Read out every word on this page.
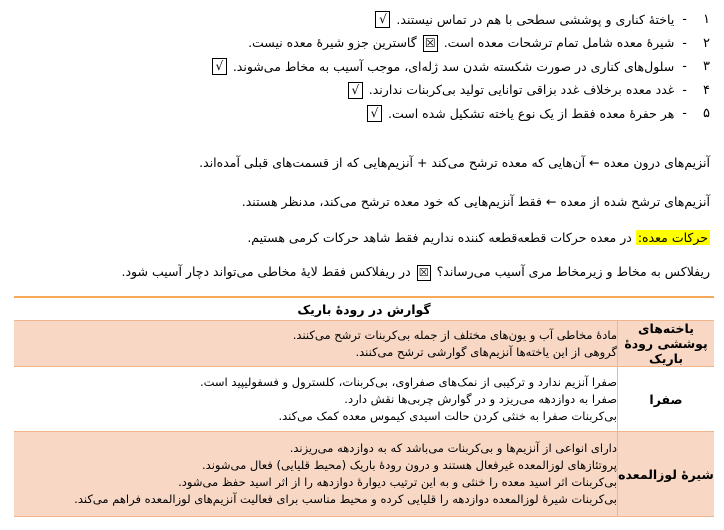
۱
-
یاختهٔ کناری و پوششی سطحی با هم در تماس نیستند.
√
۲
-
شیرهٔ معده شامل تمام ترشحات معده است.
☒
گاسترین جزو شیرهٔ معده نیست.
۳
-
سلول‌های کناری در صورت شکسته شدن سد ژله‌ای، موجب آسیب به مخاط می‌شوند.
√
۴
-
غدد معده برخلاف غدد بزاقی توانایی تولید بی‌کربنات ندارند.
√
۵
-
هر حفرهٔ معده فقط از یک نوع یاخته تشکیل شده است.
√
آنزیم‌های درون معده ← آن‌هایی که معده ترشح می‌کند + آنزیم‌هایی که از قسمت‌های قبلی آمده‌اند.
آنزیم‌های ترشح شده از معده ← فقط آنزیم‌هایی که خود معده ترشح می‌کند، مدنظر هستند.
حرکات معده: در معده حرکات قطعه‌قطعه کننده نداریم فقط شاهد حرکات کرمی هستیم.
ریفلاکس به مخاط و زیرمخاط مری آسیب می‌رساند؟ ☒ در ریفلاکس فقط لایهٔ مخاطی می‌تواند دچار آسیب شود.
گوارش در رودهٔ باریک	
یاخته‌های پوششی رودهٔ باریک	مادهٔ مخاطی آب و یون‌های مختلف از جمله بی‌کربنات ترشح می‌کنند.
گروهی از این یاخته‌ها آنزیم‌های گوارشی ترشح می‌کنند.

صفرا	صفرا آنزیم ندارد و ترکیبی از نمک‌های صفراوی، بی‌کربنات، کلسترول و فسفولیپید است.
صفرا به دوازدهه می‌ریزد و در گوارش چربی‌ها نقش دارد.
بی‌کربنات صفرا به خنثی کردن حالت اسیدی کیموس معده کمک می‌کند.

شیرهٔ لوزالمعده	دارای انواعی از آنزیم‌ها و بی‌کربنات می‌باشد که به دوازدهه می‌ریزند.
پروتئازهای لوزالمعده غیرفعال هستند و درون رودهٔ باریک (محیط قلیایی) فعال می‌شوند.
بی‌کربنات اثر اسید معده را خنثی و به این ترتیب دیوارهٔ دوازدهه را از اثر اسید حفظ می‌شود.
بی‌کربنات شیرهٔ لوزالمعده دوازدهه را قلیایی کرده و محیط مناسب برای فعالیت آنزیم‌های لوزالمعده فراهم می‌کند.
